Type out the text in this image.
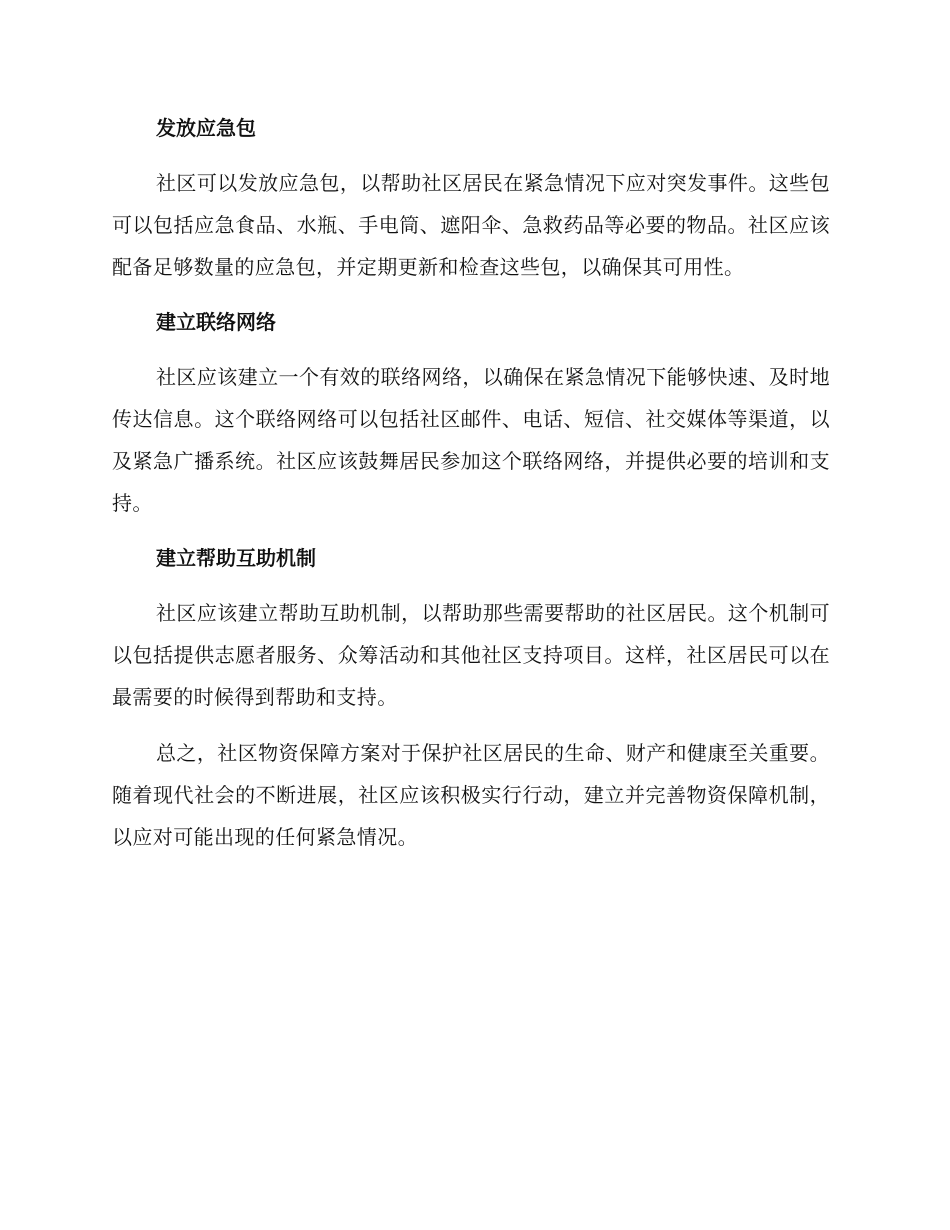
发放应急包

社区可以发放应急包，以帮助社区居民在紧急情况下应对突发事件。这些包可以包括应急食品、水瓶、手电筒、遮阳伞、急救药品等必要的物品。社区应该配备足够数量的应急包，并定期更新和检查这些包，以确保其可用性。

建立联络网络

社区应该建立一个有效的联络网络，以确保在紧急情况下能够快速、及时地传达信息。这个联络网络可以包括社区邮件、电话、短信、社交媒体等渠道，以及紧急广播系统。社区应该鼓舞居民参加这个联络网络，并提供必要的培训和支持。

建立帮助互助机制

社区应该建立帮助互助机制，以帮助那些需要帮助的社区居民。这个机制可以包括提供志愿者服务、众筹活动和其他社区支持项目。这样，社区居民可以在最需要的时候得到帮助和支持。

总之，社区物资保障方案对于保护社区居民的生命、财产和健康至关重要。随着现代社会的不断进展，社区应该积极实行行动，建立并完善物资保障机制，以应对可能出现的任何紧急情况。
